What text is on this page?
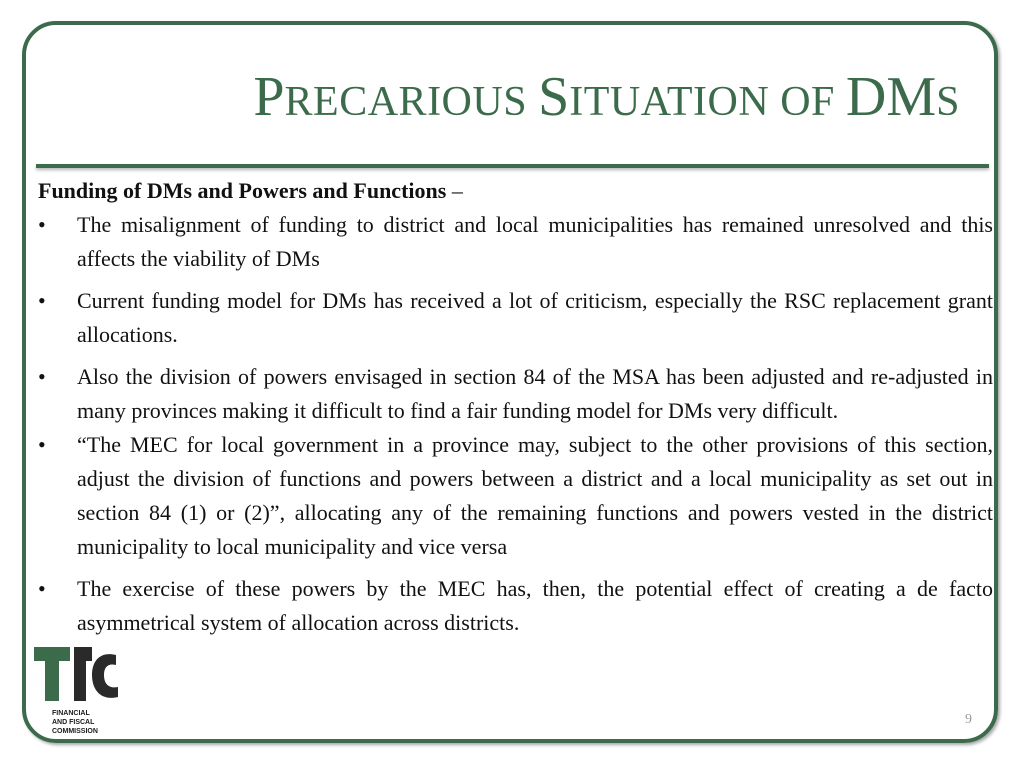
PRECARIOUS SITUATION OF DMS

Funding of DMs and Powers and Functions –

• The misalignment of funding to district and local municipalities has remained unresolved and this affects the viability of DMs
• Current funding model for DMs has received a lot of criticism, especially the RSC replacement grant allocations.
• Also the division of powers envisaged in section 84 of the MSA has been adjusted and re-adjusted in many provinces making it difficult to find a fair funding model for DMs very difficult.
• “The MEC for local government in a province may, subject to the other provisions of this section, adjust the division of functions and powers between a district and a local municipality as set out in section 84 (1) or (2)”, allocating any of the remaining functions and powers vested in the district municipality to local municipality and vice versa
• The exercise of these powers by the MEC has, then, the potential effect of creating a de facto asymmetrical system of allocation across districts.
FINANCIAL
AND FISCAL
COMMISSION
9
